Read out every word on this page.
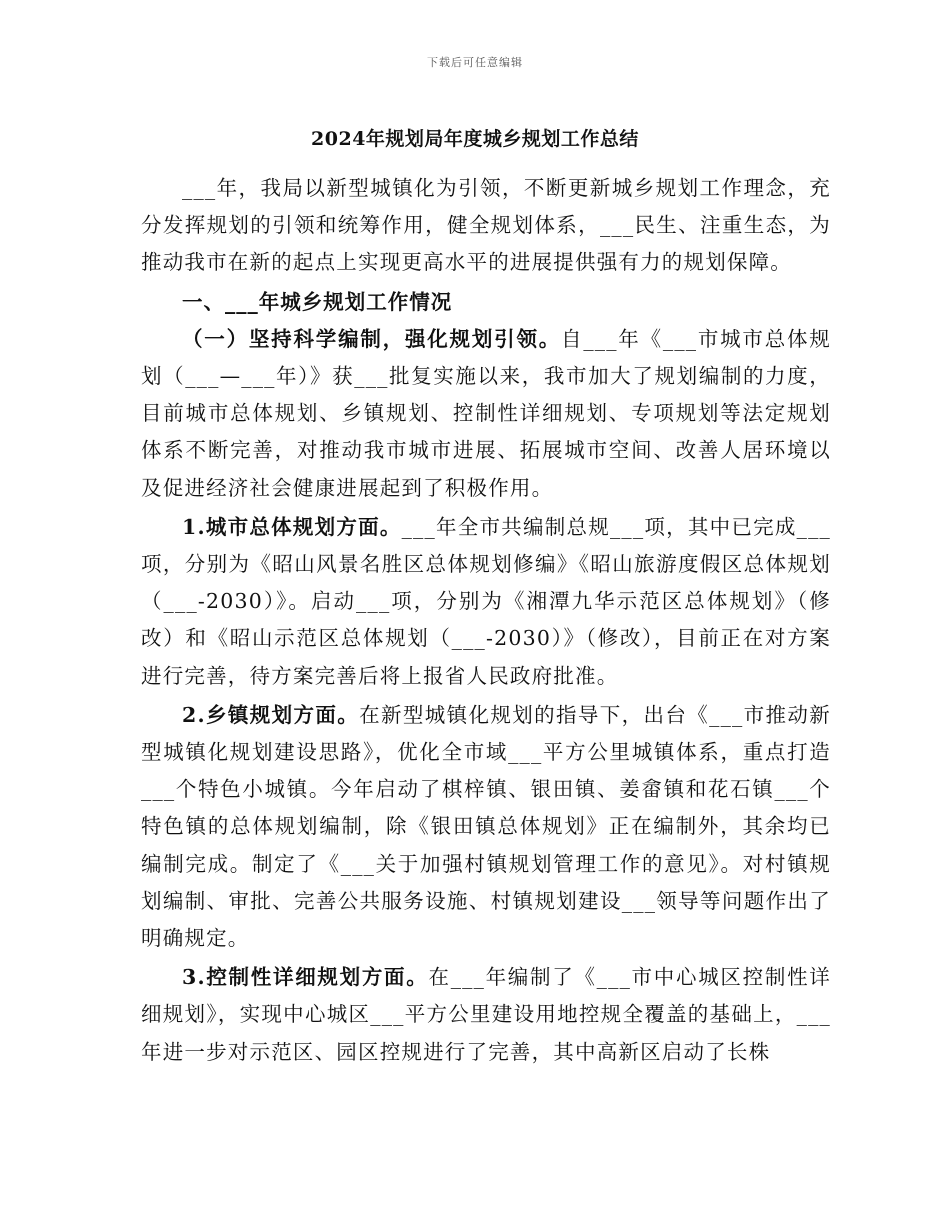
下载后可任意编辑
2024年规划局年度城乡规划工作总结

___年，我局以新型城镇化为引领，不断更新城乡规划工作理念，充分发挥规划的引领和统筹作用，健全规划体系，___民生、注重生态，为推动我市在新的起点上实现更高水平的进展提供强有力的规划保障。

一、___年城乡规划工作情况

（一）坚持科学编制，强化规划引领。自___年《___市城市总体规划（___—___年）》获___批复实施以来，我市加大了规划编制的力度，目前城市总体规划、乡镇规划、控制性详细规划、专项规划等法定规划体系不断完善，对推动我市城市进展、拓展城市空间、改善人居环境以及促进经济社会健康进展起到了积极作用。

1.城市总体规划方面。___年全市共编制总规___项，其中已完成___项，分别为《昭山风景名胜区总体规划修编》《昭山旅游度假区总体规划（___-2030）》。启动___项，分别为《湘潭九华示范区总体规划》（修改）和《昭山示范区总体规划（___-2030）》（修改），目前正在对方案进行完善，待方案完善后将上报省人民政府批准。

2.乡镇规划方面。在新型城镇化规划的指导下，出台《___市推动新型城镇化规划建设思路》，优化全市域___平方公里城镇体系，重点打造___个特色小城镇。今年启动了棋梓镇、银田镇、姜畲镇和花石镇___个特色镇的总体规划编制，除《银田镇总体规划》正在编制外，其余均已编制完成。制定了《___关于加强村镇规划管理工作的意见》。对村镇规划编制、审批、完善公共服务设施、村镇规划建设___领导等问题作出了明确规定。

3.控制性详细规划方面。在___年编制了《___市中心城区控制性详细规划》，实现中心城区___平方公里建设用地控规全覆盖的基础上，___年进一步对示范区、园区控规进行了完善，其中高新区启动了长株
